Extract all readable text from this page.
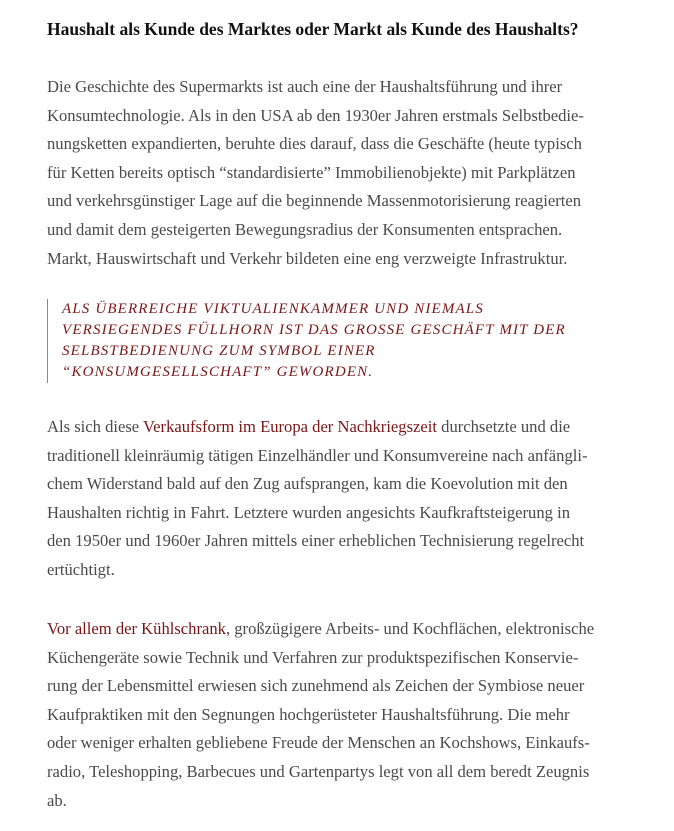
Haushalt als Kunde des Marktes oder Markt als Kunde des Haushalts?

Die Geschichte des Supermarkts ist auch eine der Haushaltsführung und ihrer
Konsumtechnologie. Als in den USA ab den 1930er Jahren erstmals Selbstbedie-
nungsketten expandierten, beruhte dies darauf, dass die Geschäfte (heute typisch
für Ketten bereits optisch “standardisierte” Immobilienobjekte) mit Parkplätzen
und verkehrsgünstiger Lage auf die beginnende Massenmotorisierung reagierten
und damit dem gesteigerten Bewegungsradius der Konsumenten entsprachen.
Markt, Hauswirtschaft und Verkehr bildeten eine eng verzweigte Infrastruktur.

ALS ÜBERREICHE VIKTUALIENKAMMER UND NIEMALS
VERSIEGENDES FÜLLHORN IST DAS GROSSE GESCHÄFT MIT DER
SELBSTBEDIENUNG ZUM SYMBOL EINER
“KONSUMGESELLSCHAFT” GEWORDEN.

Als sich diese Verkaufsform im Europa der Nachkriegszeit durchsetzte und die
traditionell kleinräumig tätigen Einzelhändler und Konsumvereine nach anfängli-
chem Widerstand bald auf den Zug aufsprangen, kam die Koevolution mit den
Haushalten richtig in Fahrt. Letztere wurden angesichts Kaufkraftsteigerung in
den 1950er und 1960er Jahren mittels einer erheblichen Technisierung regelrecht
ertüchtigt.

Vor allem der Kühlschrank, großzügigere Arbeits- und Kochflächen, elektronische
Küchengeräte sowie Technik und Verfahren zur produktspezifischen Konservie-
rung der Lebensmittel erwiesen sich zunehmend als Zeichen der Symbiose neuer
Kaufpraktiken mit den Segnungen hochgerüsteter Haushaltsführung. Die mehr
oder weniger erhalten gebliebene Freude der Menschen an Kochshows, Einkaufs-
radio, Teleshopping, Barbecues und Gartenpartys legt von all dem beredt Zeugnis
ab.
